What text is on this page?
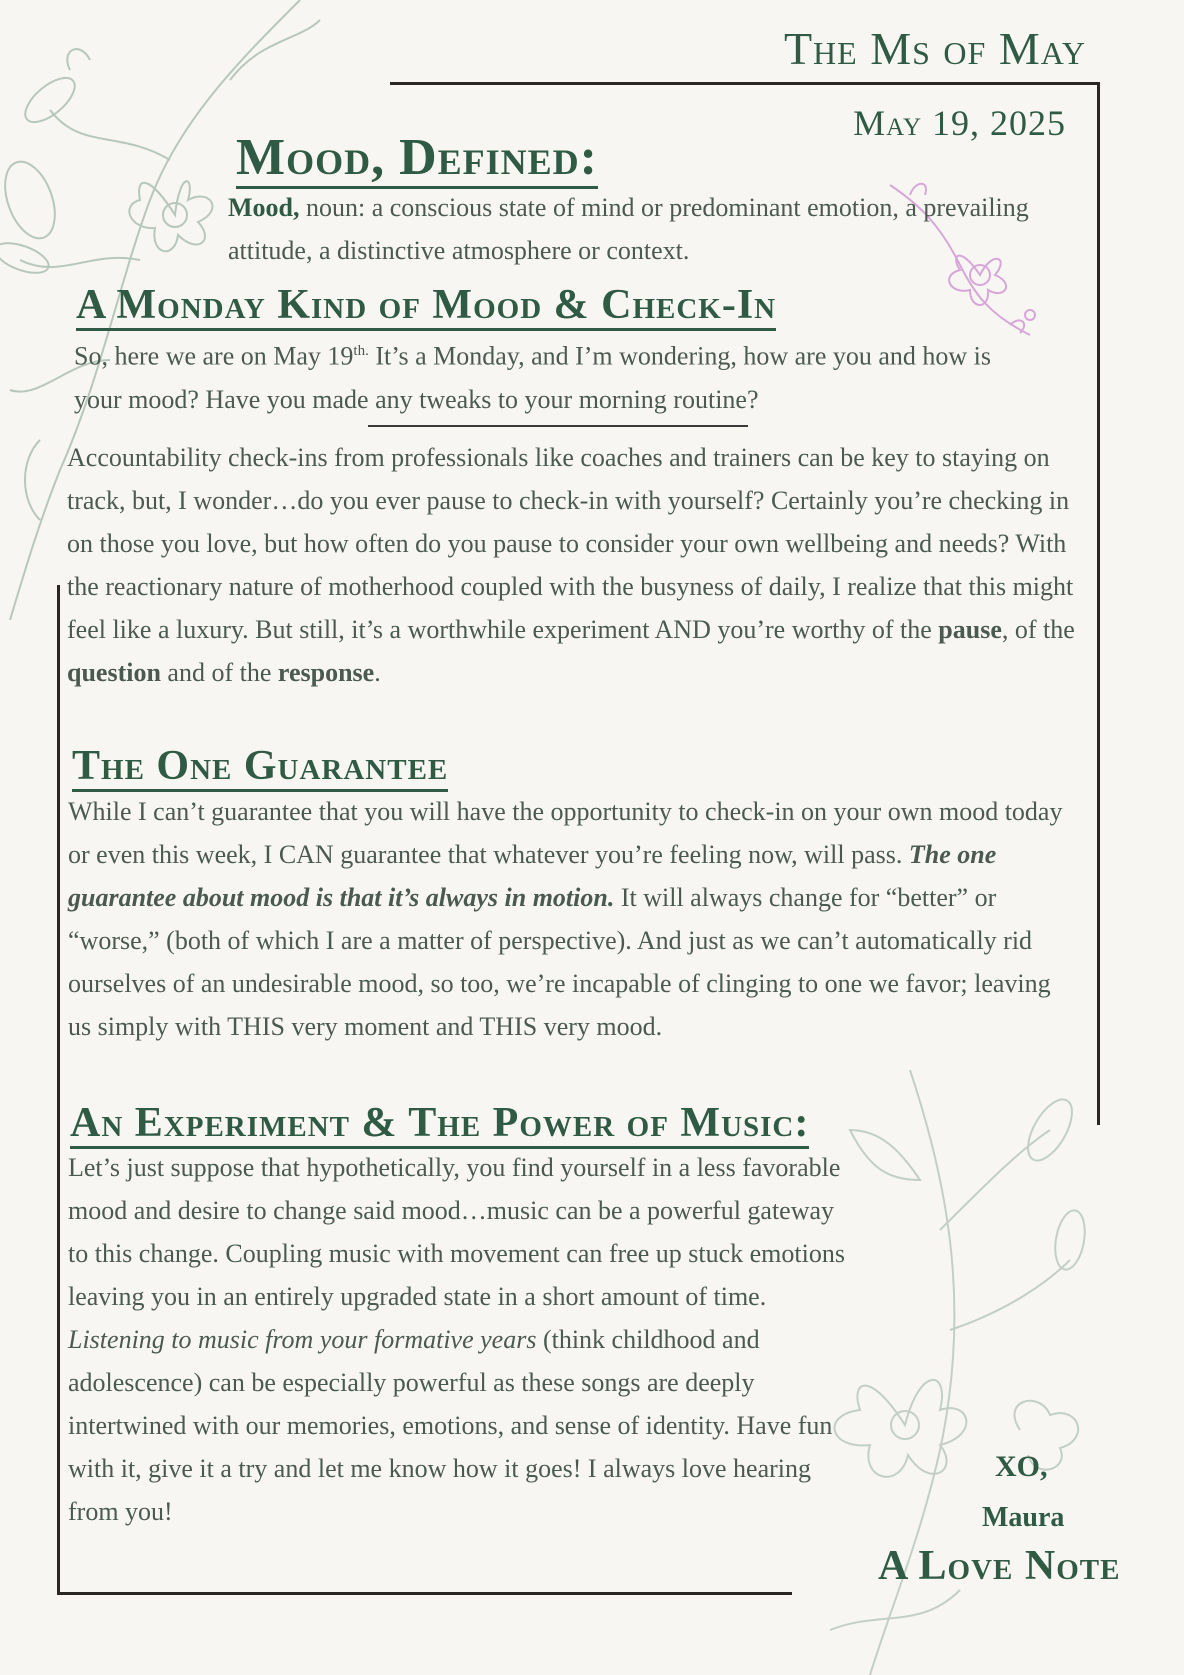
The Ms of May
May 19, 2025
Mood, Defined:

Mood, noun: a conscious state of mind or predominant emotion, a prevailing attitude, a distinctive atmosphere or context.

A Monday Kind of Mood & Check-In

So, here we are on May $19^{th.}$ It’s a Monday, and I’m wondering, how are you and how is your mood? Have you made any tweaks to your morning routine?

Accountability check-ins from professionals like coaches and trainers can be key to staying on track, but, I wonder…do you ever pause to check-in with yourself? Certainly you’re checking in on those you love, but how often do you pause to consider your own wellbeing and needs? With the reactionary nature of motherhood coupled with the busyness of daily, I realize that this might feel like a luxury. But still, it’s a worthwhile experiment AND you’re worthy of the pause, of the question and of the response.

The One Guarantee

While I can’t guarantee that you will have the opportunity to check-in on your own mood today or even this week, I CAN guarantee that whatever you’re feeling now, will pass. The one guarantee about mood is that it’s always in motion. It will always change for “better” or “worse,” (both of which I are a matter of perspective). And just as we can’t automatically rid ourselves of an undesirable mood, so too, we’re incapable of clinging to one we favor; leaving us simply with THIS very moment and THIS very mood.

An Experiment & The Power of Music:

Let’s just suppose that hypothetically, you find yourself in a less favorable mood and desire to change said mood…music can be a powerful gateway to this change. Coupling music with movement can free up stuck emotions leaving you in an entirely upgraded state in a short amount of time. Listening to music from your formative years (think childhood and adolescence) can be especially powerful as these songs are deeply intertwined with our memories, emotions, and sense of identity. Have fun with it, give it a try and let me know how it goes! I always love hearing from you!

XO,
Maura
A Love Note
